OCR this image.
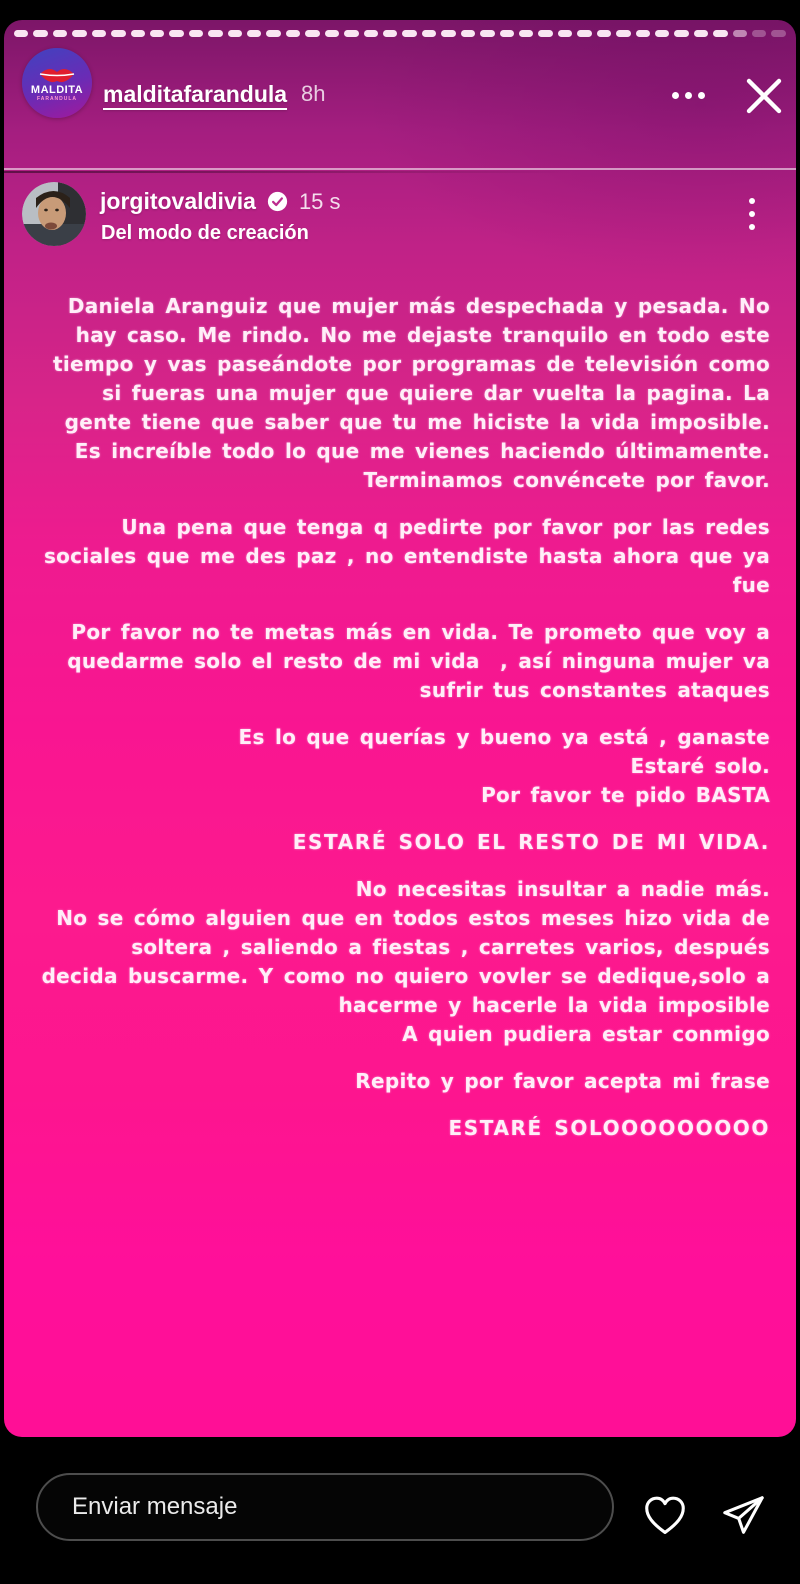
MALDITA
FARANDULA malditafarandula 8h
jorgitovaldivia 15 s
Del modo de creación
Daniela Aranguiz que mujer más despechada y pesada. No
hay caso. Me rindo. No me dejaste tranquilo en todo este
tiempo y vas paseándote por programas de televisión como
si fueras una mujer que quiere dar vuelta la pagina. La
gente tiene que saber que tu me hiciste la vida imposible.
Es increíble todo lo que me vienes haciendo últimamente.
Terminamos convéncete por favor.
Una pena que tenga q pedirte por favor por las redes
sociales que me des paz , no entendiste hasta ahora que ya
fue
Por favor no te metas más en vida. Te prometo que voy a
quedarme solo el resto de mi vida  , así ninguna mujer va
sufrir tus constantes ataques
Es lo que querías y bueno ya está , ganaste
Estaré solo.
Por favor te pido BASTA
ESTARÉ SOLO EL RESTO DE MI VIDA.
No necesitas insultar a nadie más.
No se cómo alguien que en todos estos meses hizo vida de
soltera , saliendo a fiestas , carretes varios, después
decida buscarme. Y como no quiero vovler se dedique,solo a
hacerme y hacerle la vida imposible
A quien pudiera estar conmigo
Repito y por favor acepta mi frase
ESTARÉ SOLOOOOOOOOO
Enviar mensaje
